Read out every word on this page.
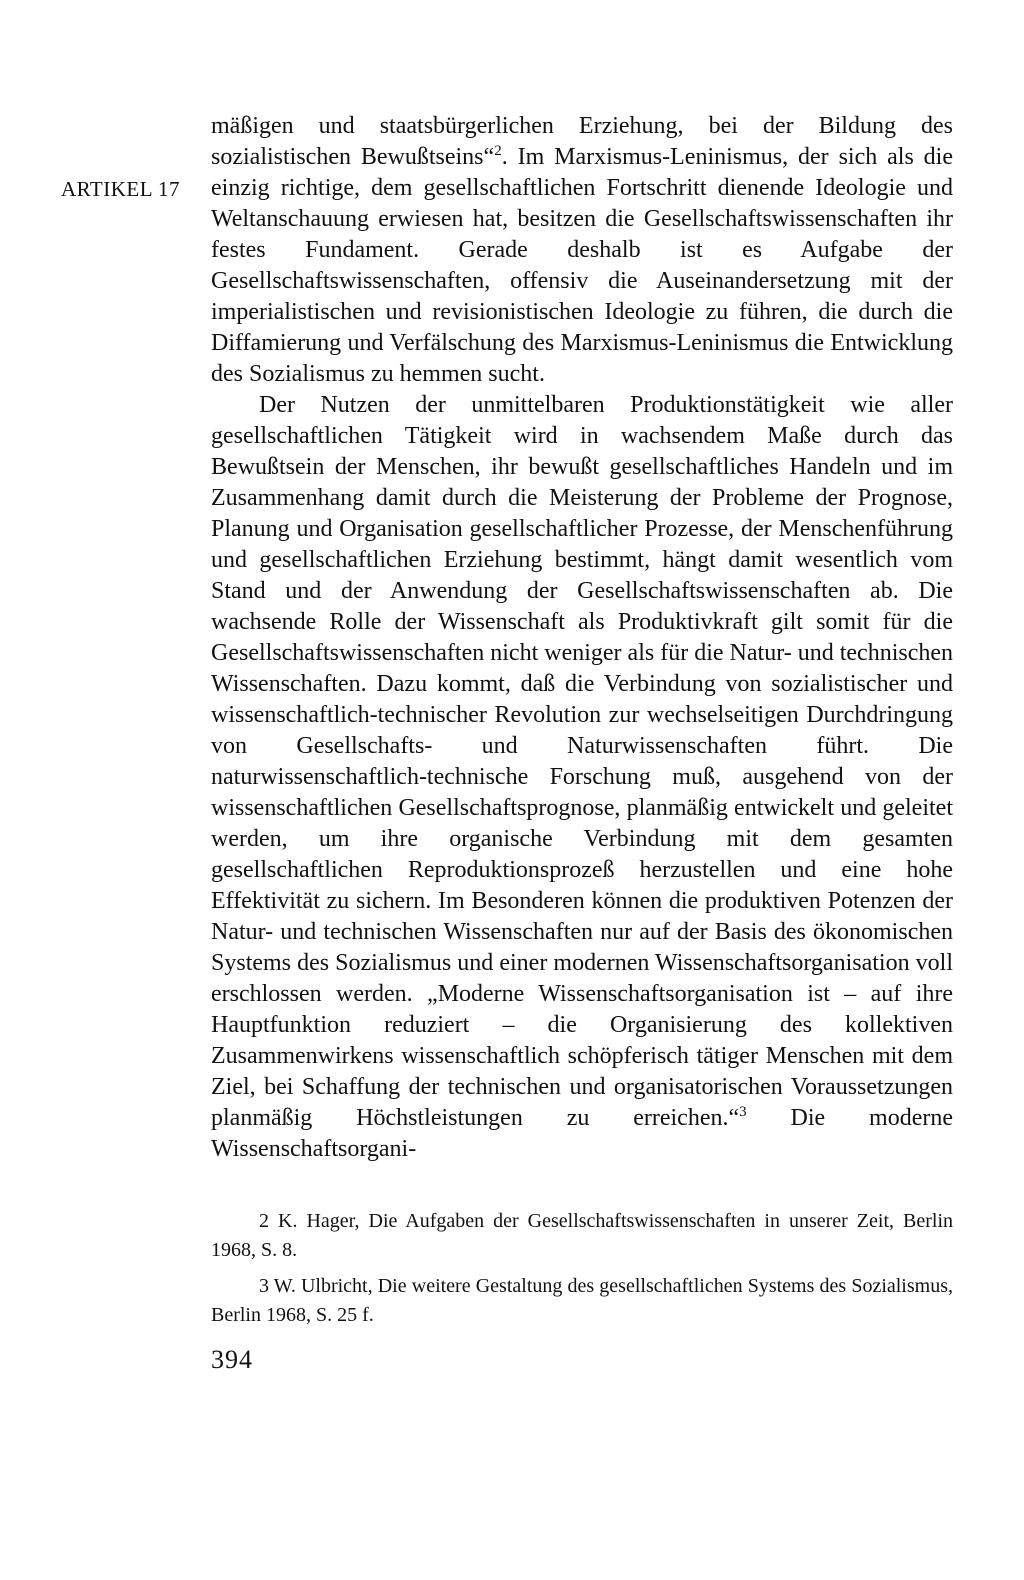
ARTIKEL 17

mäßigen und staatsbürgerlichen Erziehung, bei der Bildung des sozialistischen Bewußtseins“$^2$. Im Marxismus-Leninismus, der sich als die einzig richtige, dem gesellschaftlichen Fortschritt dienende Ideologie und Weltanschauung erwiesen hat, besitzen die Gesellschaftswissenschaften ihr festes Fundament. Gerade deshalb ist es Aufgabe der Gesellschaftswissenschaften, offensiv die Auseinandersetzung mit der imperialistischen und revisionistischen Ideologie zu führen, die durch die Diffamierung und Verfälschung des Marxismus-Leninismus die Entwicklung des Sozialismus zu hemmen sucht.

Der Nutzen der unmittelbaren Produktionstätigkeit wie aller gesellschaftlichen Tätigkeit wird in wachsendem Maße durch das Bewußtsein der Menschen, ihr bewußt gesellschaftliches Handeln und im Zusammenhang damit durch die Meisterung der Probleme der Prognose, Planung und Organisation gesellschaftlicher Prozesse, der Menschenführung und gesellschaftlichen Erziehung bestimmt, hängt damit wesentlich vom Stand und der Anwendung der Gesellschaftswissenschaften ab. Die wachsende Rolle der Wissenschaft als Produktivkraft gilt somit für die Gesellschaftswissenschaften nicht weniger als für die Natur- und technischen Wissenschaften. Dazu kommt, daß die Verbindung von sozialistischer und wissenschaftlich-technischer Revolution zur wechselseitigen Durchdringung von Gesellschafts- und Naturwissenschaften führt. Die naturwissenschaftlich-technische Forschung muß, ausgehend von der wissenschaftlichen Gesellschaftsprognose, planmäßig entwickelt und geleitet werden, um ihre organische Verbindung mit dem gesamten gesellschaftlichen Reproduktionsprozeß herzustellen und eine hohe Effektivität zu sichern. Im Besonderen können die produktiven Potenzen der Natur- und technischen Wissenschaften nur auf der Basis des ökonomischen Systems des Sozialismus und einer modernen Wissenschaftsorganisation voll erschlossen werden. „Moderne Wissenschaftsorganisation ist – auf ihre Hauptfunktion reduziert – die Organisierung des kollektiven Zusammenwirkens wissenschaftlich schöpferisch tätiger Menschen mit dem Ziel, bei Schaffung der technischen und organisatorischen Voraussetzungen planmäßig Höchstleistungen zu erreichen.“$^3$ Die moderne Wissenschaftsorgani-

2 K. Hager, Die Aufgaben der Gesellschaftswissenschaften in unserer Zeit, Berlin 1968, S. 8.

3 W. Ulbricht, Die weitere Gestaltung des gesellschaftlichen Systems des Sozialismus, Berlin 1968, S. 25 f.

394
